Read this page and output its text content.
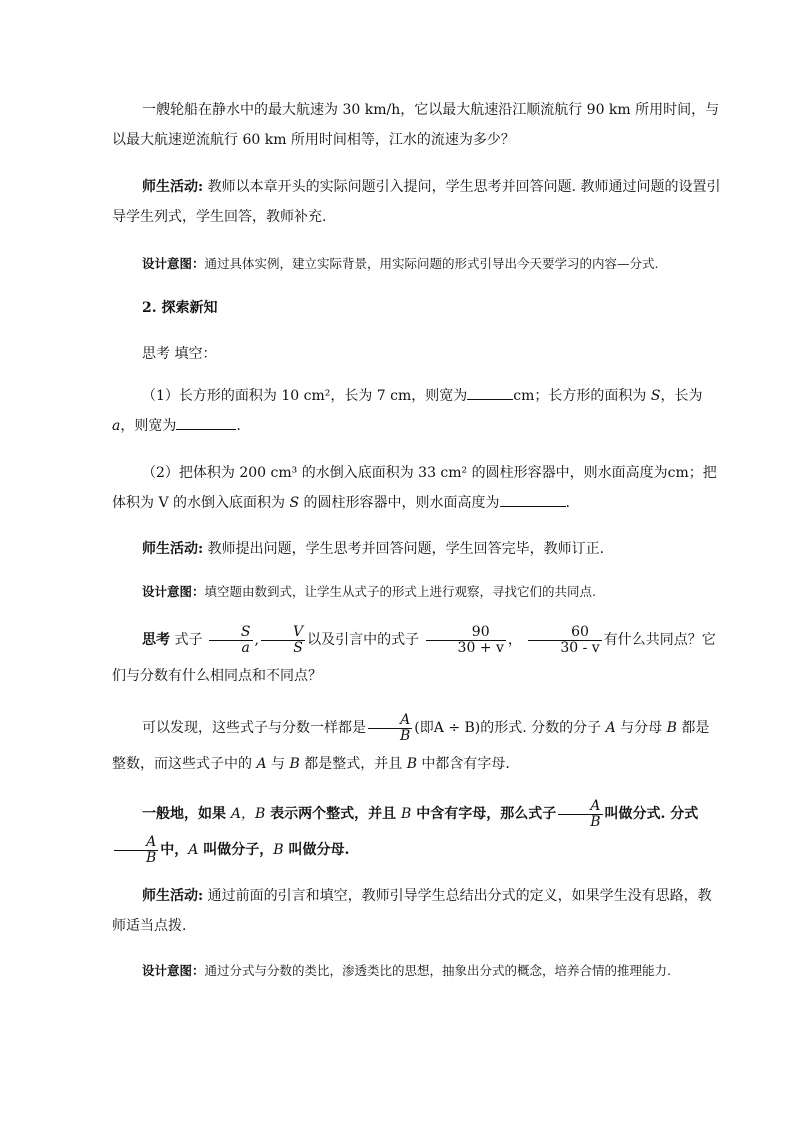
一艘轮船在静水中的最大航速为 30 km/h，它以最大航速沿江顺流航行 90 km 所用时间，与以最大航速逆流航行 60 km 所用时间相等，江水的流速为多少？
师生活动: 教师以本章开头的实际问题引入提问，学生思考并回答问题. 教师通过问题的设置引导学生列式，学生回答，教师补充.
设计意图：通过具体实例，建立实际背景，用实际问题的形式引导出今天要学习的内容—分式.
2. 探索新知
思考 填空：
（1）长方形的面积为 10 cm²，长为 7 cm，则宽为	cm；长方形的面积为 S，长为 a，则宽为	.
（2）把体积为 200 cm³ 的水倒入底面积为 33 cm² 的圆柱形容器中，则水面高度为cm；把体积为 V 的水倒入底面积为 S 的圆柱形容器中，则水面高度为	.
师生活动: 教师提出问题，学生思考并回答问题，学生回答完毕，教师订正.
设计意图：填空题由数到式，让学生从式子的形式上进行观察，寻找它们的共同点.
思考 式子 $\frac{S}{a}$ , $\frac{V}{S}$ 以及引言中的式子 $\frac{90}{30 + v}$ ， $\frac{60}{30 - v}$ 有什么共同点？它们与分数有什么相同点和不同点？
可以发现，这些式子与分数一样都是 $\frac{A}{B}$ (即A ÷ B)的形式. 分数的分子 A 与分母 B 都是整数，而这些式子中的 A 与 B 都是整式，并且 B 中都含有字母.
一般地，如果 A，B 表示两个整式，并且 B 中含有字母，那么式子 $\frac{A}{B}$ 叫做分式. 分式
$\frac{A}{B}$ 中，A 叫做分子，B 叫做分母.
师生活动: 通过前面的引言和填空，教师引导学生总结出分式的定义，如果学生没有思路，教师适当点拨.
设计意图：通过分式与分数的类比，渗透类比的思想，抽象出分式的概念，培养合情的推理能力.
